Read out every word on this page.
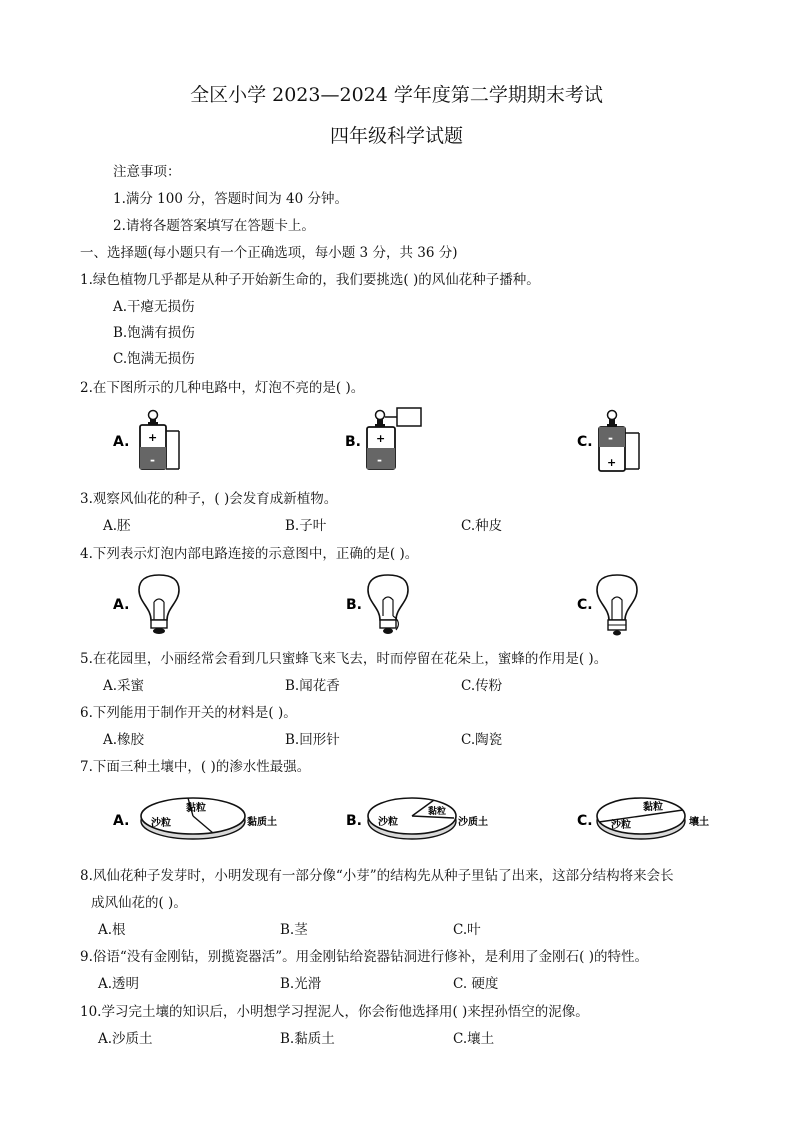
全区小学 2023—2024 学年度第二学期期末考试
四年级科学试题
注意事项：
1.满分 100 分，答题时间为 40 分钟。
2.请将各题答案填写在答题卡上。
一、选择题(每小题只有一个正确选项，每小题 3 分，共 36 分)
1.绿色植物几乎都是从种子开始新生命的，我们要挑选( )的风仙花种子播种。
A.干瘪无损伤
B.饱满有损伤
C.饱满无损伤
2.在下图所示的几种电路中，灯泡不亮的是( )。
A. +
-
B. +
-
C. -
+
3.观察风仙花的种子，( )会发育成新植物。
A.胚	B.子叶	C.种皮
4.下列表示灯泡内部电路连接的示意图中，正确的是( )。
A.	B.	C.
5.在花园里，小丽经常会看到几只蜜蜂飞来飞去，时而停留在花朵上，蜜蜂的作用是( )。
A.采蜜	B.闻花香	C.传粉
6.下列能用于制作开关的材料是( )。
A.橡胶	B.回形针	C.陶瓷
7.下面三种土壤中，( )的渗水性最强。
A.
黏粒
沙粒	黏质土	B.
黏粒
沙粒	沙质土	C.
黏粒
沙粒	壤土
8.风仙花种子发芽时，小明发现有一部分像“小芽”的结构先从种子里钻了出来，这部分结构将来会长
成风仙花的( )。
A.根	B.茎	C.叶
9.俗语“没有金刚钻，别揽瓷器活”。用金刚钻给瓷器钻洞进行修补，是利用了金刚石( )的特性。
A.透明	B.光滑	C. 硬度
10.学习完土壤的知识后，小明想学习捏泥人，你会衔他选择用( )来捏孙悟空的泥像。
A.沙质土	B.黏质土	C.壤土
